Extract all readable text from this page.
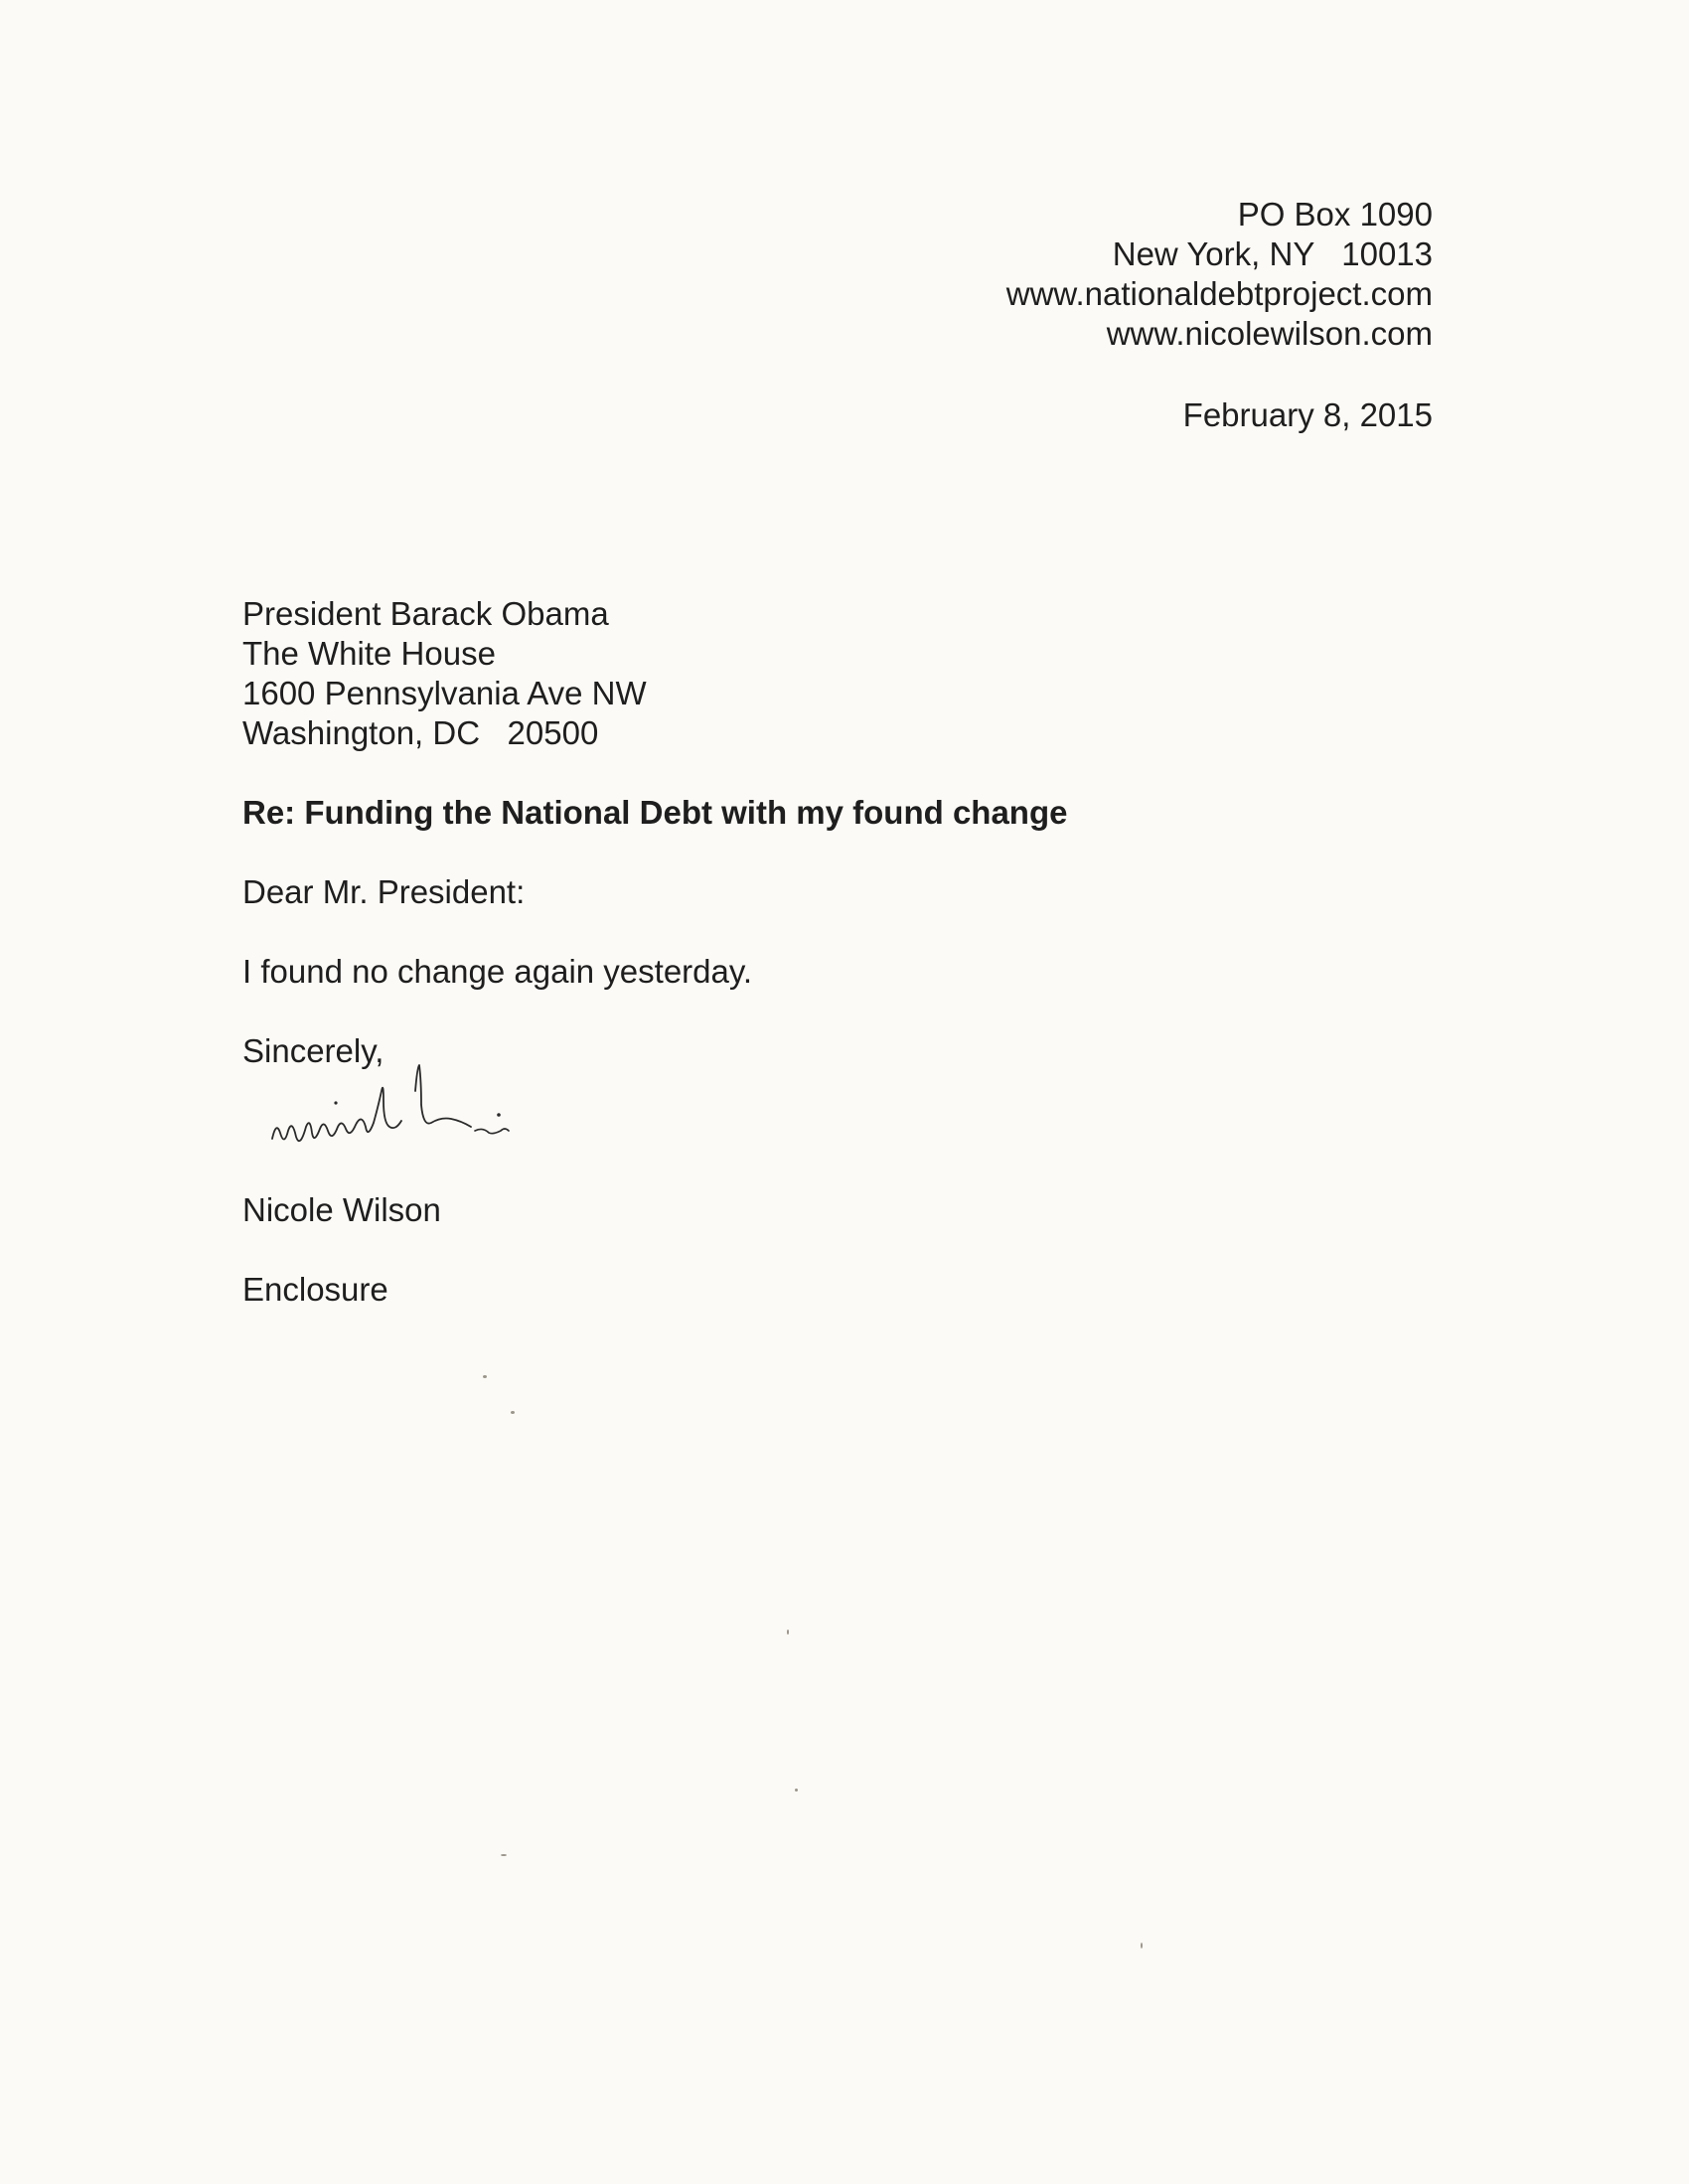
PO Box 1090
New York, NY   10013
www.nationaldebtproject.com
www.nicolewilson.com
February 8, 2015
President Barack Obama
The White House
1600 Pennsylvania Ave NW
Washington, DC   20500
Re: Funding the National Debt with my found change
Dear Mr. President:
I found no change again yesterday.
Sincerely,
Nicole Wilson
Enclosure
